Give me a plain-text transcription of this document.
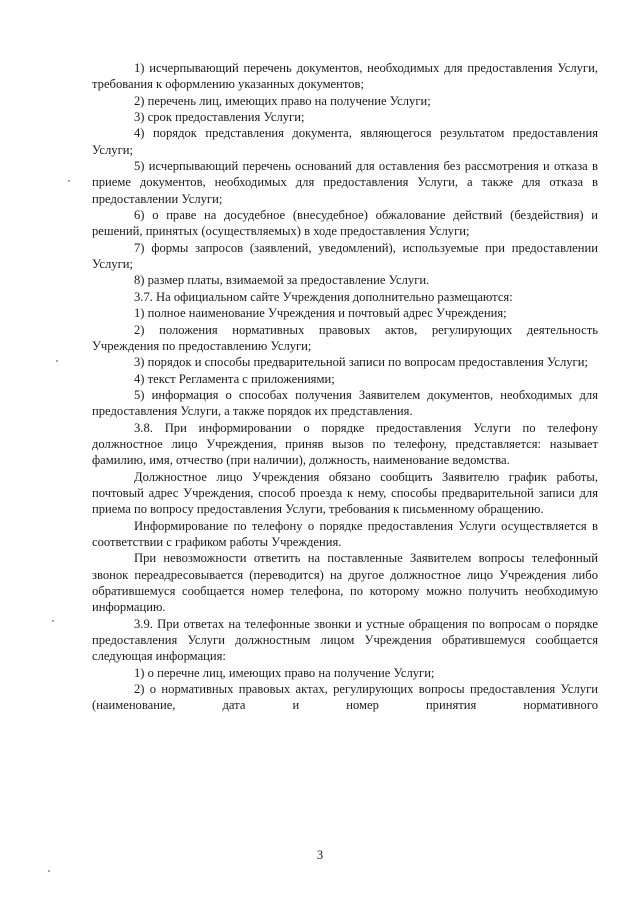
1) исчерпывающий перечень документов, необходимых для предоставления Услуги, требования к оформлению указанных документов;

2) перечень лиц, имеющих право на получение Услуги;

3) срок предоставления Услуги;

4) порядок представления документа, являющегося результатом предоставления Услуги;

5) исчерпывающий перечень оснований для оставления без рассмотрения и отказа в приеме документов, необходимых для предоставления Услуги, а также для отказа в предоставлении Услуги;

6) о праве на досудебное (внесудебное) обжалование действий (бездействия) и решений, принятых (осуществляемых) в ходе предоставления Услуги;

7) формы запросов (заявлений, уведомлений), используемые при предоставлении Услуги;

8) размер платы, взимаемой за предоставление Услуги.

3.7. На официальном сайте Учреждения дополнительно размещаются:

1) полное наименование Учреждения и почтовый адрес Учреждения;

2) положения нормативных правовых актов, регулирующих деятельность Учреждения по предоставлению Услуги;

3) порядок и способы предварительной записи по вопросам предоставления Услуги;

4) текст Регламента с приложениями;

5) информация о способах получения Заявителем документов, необходимых для предоставления Услуги, а также порядок их представления.

3.8. При информировании о порядке предоставления Услуги по телефону должностное лицо Учреждения, приняв вызов по телефону, представляется: называет фамилию, имя, отчество (при наличии), должность, наименование ведомства.

Должностное лицо Учреждения обязано сообщить Заявителю график работы, почтовый адрес Учреждения, способ проезда к нему, способы предварительной записи для приема по вопросу предоставления Услуги, требования к письменному обращению.

Информирование по телефону о порядке предоставления Услуги осуществляется в соответствии с графиком работы Учреждения.

При невозможности ответить на поставленные Заявителем вопросы телефонный звонок переадресовывается (переводится) на другое должностное лицо Учреждения либо обратившемуся сообщается номер телефона, по которому можно получить необходимую информацию.

3.9. При ответах на телефонные звонки и устные обращения по вопросам о порядке предоставления Услуги должностным лицом Учреждения обратившемуся сообщается следующая информация:

1) о перечне лиц, имеющих право на получение Услуги;

2) о нормативных правовых актах, регулирующих вопросы предоставления Услуги (наименование, дата и номер принятия нормативного

3
